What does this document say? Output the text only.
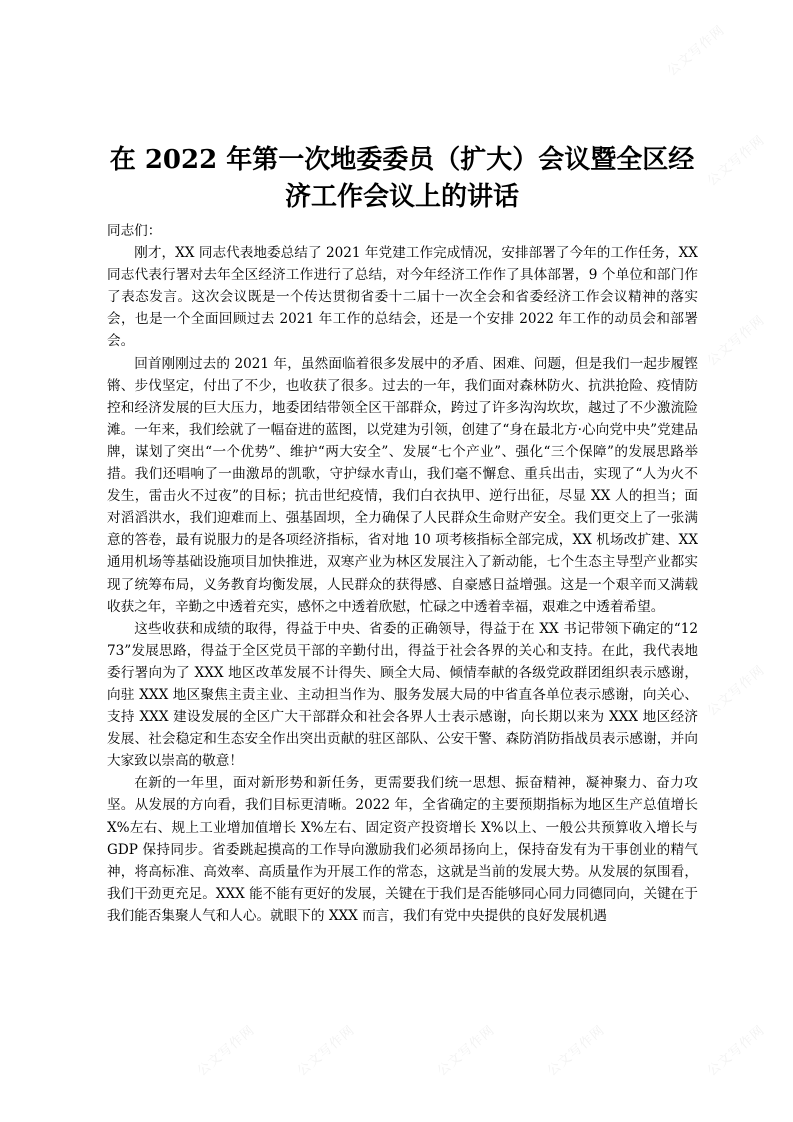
公文写作网
公文写作网
公文写作网
公文写作网
公文写作网
公文写作网	公文写作网	公文写作网	公文写作网
在 2022 年第一次地委委员（扩大）会议暨全区经济工作会议上的讲话

同志们：

刚才，XX 同志代表地委总结了 2021 年党建工作完成情况，安排部署了今年的工作任务，XX 同志代表行署对去年全区经济工作进行了总结，对今年经济工作作了具体部署，9 个单位和部门作了表态发言。这次会议既是一个传达贯彻省委十二届十一次全会和省委经济工作会议精神的落实会，也是一个全面回顾过去 2021 年工作的总结会，还是一个安排 2022 年工作的动员会和部署会。

回首刚刚过去的 2021 年，虽然面临着很多发展中的矛盾、困难、问题，但是我们一起步履铿锵、步伐坚定，付出了不少，也收获了很多。过去的一年，我们面对森林防火、抗洪抢险、疫情防控和经济发展的巨大压力，地委团结带领全区干部群众，跨过了许多沟沟坎坎，越过了不少激流险滩。一年来，我们绘就了一幅奋进的蓝图，以党建为引领，创建了“身在最北方·心向党中央”党建品牌，谋划了突出“一个优势”、维护“两大安全”、发展“七个产业”、强化“三个保障”的发展思路举措。我们还唱响了一曲激昂的凯歌，守护绿水青山，我们毫不懈怠、重兵出击，实现了“人为火不发生，雷击火不过夜”的目标；抗击世纪疫情，我们白衣执甲、逆行出征，尽显 XX 人的担当；面对滔滔洪水，我们迎难而上、强基固坝，全力确保了人民群众生命财产安全。我们更交上了一张满意的答卷，最有说服力的是各项经济指标，省对地 10 项考核指标全部完成，XX 机场改扩建、XX 通用机场等基础设施项目加快推进，双寒产业为林区发展注入了新动能，七个生态主导型产业都实现了统筹布局，义务教育均衡发展，人民群众的获得感、自豪感日益增强。这是一个艰辛而又满载收获之年，辛勤之中透着充实，感怀之中透着欣慰，忙碌之中透着幸福，艰难之中透着希望。

这些收获和成绩的取得，得益于中央、省委的正确领导，得益于在 XX 书记带领下确定的“1273”发展思路，得益于全区党员干部的辛勤付出，得益于社会各界的关心和支持。在此，我代表地委行署向为了 XXX 地区改革发展不计得失、顾全大局、倾情奉献的各级党政群团组织表示感谢，向驻 XXX 地区聚焦主责主业、主动担当作为、服务发展大局的中省直各单位表示感谢，向关心、支持 XXX 建设发展的全区广大干部群众和社会各界人士表示感谢，向长期以来为 XXX 地区经济发展、社会稳定和生态安全作出突出贡献的驻区部队、公安干警、森防消防指战员表示感谢，并向大家致以崇高的敬意！

在新的一年里，面对新形势和新任务，更需要我们统一思想、振奋精神，凝神聚力、奋力攻坚。从发展的方向看，我们目标更清晰。2022 年，全省确定的主要预期指标为地区生产总值增长 X%左右、规上工业增加值增长 X%左右、固定资产投资增长 X%以上、一般公共预算收入增长与 GDP 保持同步。省委跳起摸高的工作导向激励我们必须昂扬向上，保持奋发有为干事创业的精气神，将高标准、高效率、高质量作为开展工作的常态，这就是当前的发展大势。从发展的氛围看，我们干劲更充足。XXX 能不能有更好的发展，关键在于我们是否能够同心同力同德同向，关键在于我们能否集聚人气和人心。就眼下的 XXX 而言，我们有党中央提供的良好发展机遇
